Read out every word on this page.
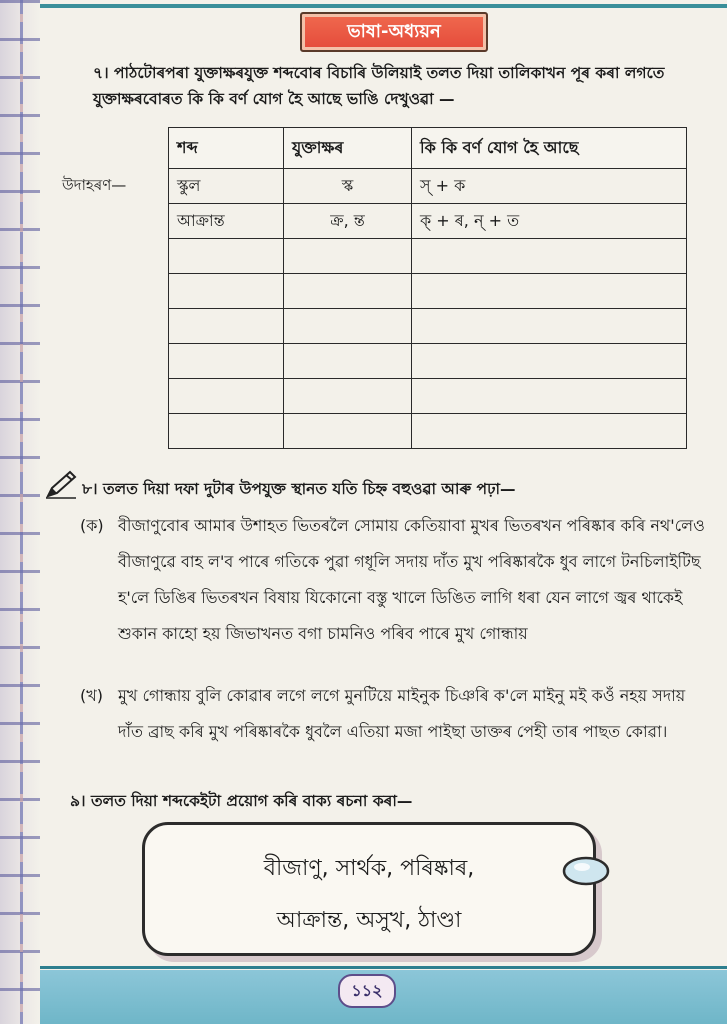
ভাষা-অধ্যয়ন
৭। পাঠটোৰপৰা যুক্তাক্ষৰযুক্ত শব্দবোৰ বিচাৰি উলিয়াই তলত দিয়া তালিকাখন পূৰ কৰা লগতে যুক্তাক্ষৰবোৰত কি কি বৰ্ণ যোগ হৈ আছে ভাঙি দেখুওৱা —
উদাহৰণ—
শব্দ	যুক্তাক্ষৰ	কি কি বৰ্ণ যোগ হৈ আছে
স্কুল	স্ক	স্ + ক
আক্ৰান্ত	ক্ৰ, ন্ত	ক্ + ৰ, ন্ + ত

৮। তলত দিয়া দফা দুটাৰ উপযুক্ত স্থানত যতি চিহ্ন বহুওৱা আৰু পঢ়া—
(ক) বীজাণুবোৰ আমাৰ উশাহত ভিতৰলৈ সোমায় কেতিয়াবা মুখৰ ভিতৰখন পৰিষ্কাৰ কৰি নথ'লেও বীজাণুৱে বাহ ল'ব পাৰে গতিকে পুৱা গধূলি সদায় দাঁত মুখ পৰিষ্কাৰকৈ ধুব লাগে টনচিলাইটিছ হ'লে ডিঙিৰ ভিতৰখন বিষায় যিকোনো বস্তু খালে ডিঙিত লাগি ধৰা যেন লাগে জ্বৰ থাকেই শুকান কাহো হয় জিভাখনত বগা চামনিও পৰিব পাৰে মুখ গোন্ধায়
(খ) মুখ গোন্ধায় বুলি কোৱাৰ লগে লগে মুনটিয়ে মাইনুক চিঞৰি ক'লে মাইনু মই কওঁ নহয় সদায় দাঁত ব্ৰাছ কৰি মুখ পৰিষ্কাৰকৈ ধুবলৈ এতিয়া মজা পাইছা ডাক্তৰ পেহী তাৰ পাছত কোৱা।
৯। তলত দিয়া শব্দকেইটা প্ৰয়োগ কৰি বাক্য ৰচনা কৰা—
বীজাণু, সাৰ্থক, পৰিষ্কাৰ,
আক্ৰান্ত, অসুখ, ঠাণ্ডা
১১২
